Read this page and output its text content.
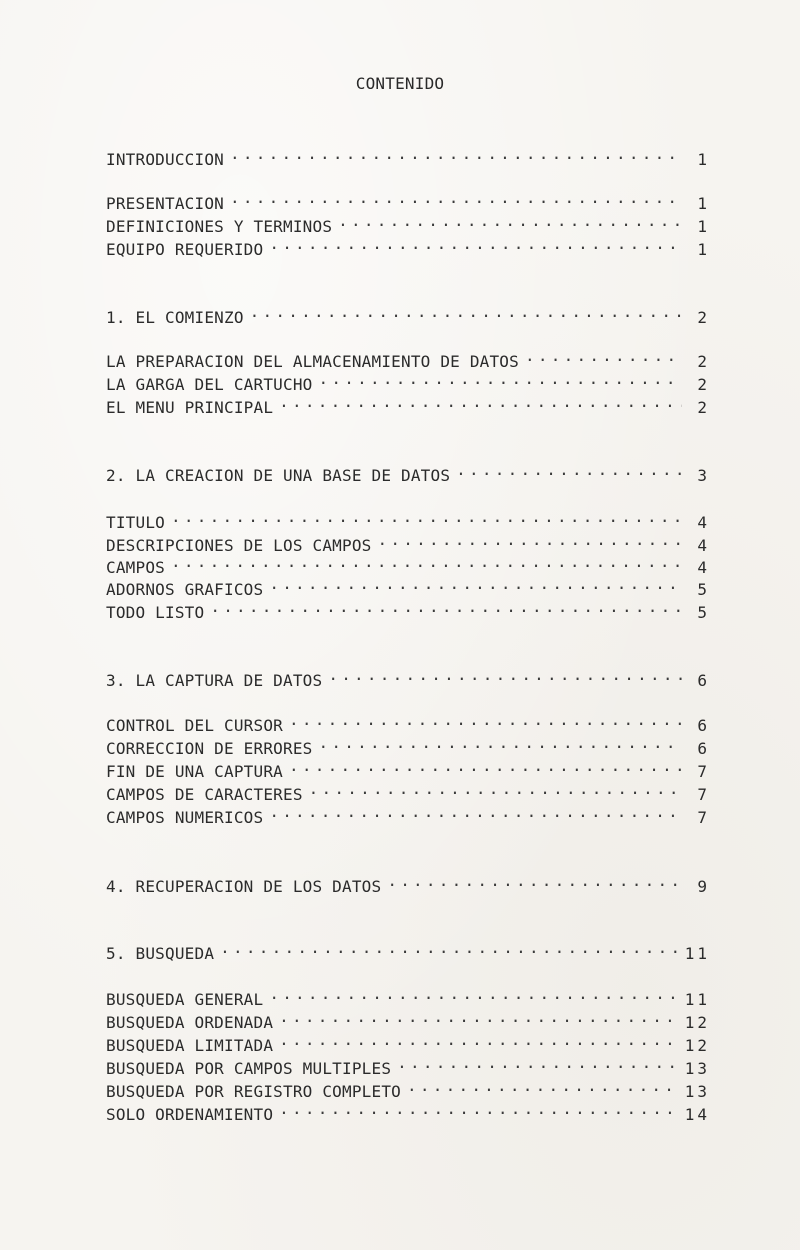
CONTENIDO
INTRODUCCION . . .	1
PRESENTACION . . .	1
DEFINICIONES Y TERMINOS . . .	1
EQUIPO REQUERIDO . . .	1
1. EL COMIENZO . . .	2
LA PREPARACION DEL ALMACENAMIENTO DE DATOS . . .	2
LA GARGA DEL CARTUCHO . . .	2
EL MENU PRINCIPAL . . .	2
2. LA CREACION DE UNA BASE DE DATOS . . .	3
TITULO . . .	4
DESCRIPCIONES DE LOS CAMPOS . . .	4
CAMPOS . . .	4
ADORNOS GRAFICOS . . .	5
TODO LISTO . . .	5
3. LA CAPTURA DE DATOS . . .	6
CONTROL DEL CURSOR . . .	6
CORRECCION DE ERRORES . . .	6
FIN DE UNA CAPTURA . . .	7
CAMPOS DE CARACTERES . . .	7
CAMPOS NUMERICOS . . .	7
4. RECUPERACION DE LOS DATOS . . .	9
5. BUSQUEDA . . .	11
BUSQUEDA GENERAL . . .	11
BUSQUEDA ORDENADA . . .	12
BUSQUEDA LIMITADA . . .	12
BUSQUEDA POR CAMPOS MULTIPLES . . .	13
BUSQUEDA POR REGISTRO COMPLETO . . .	13
SOLO ORDENAMIENTO . . .	14
